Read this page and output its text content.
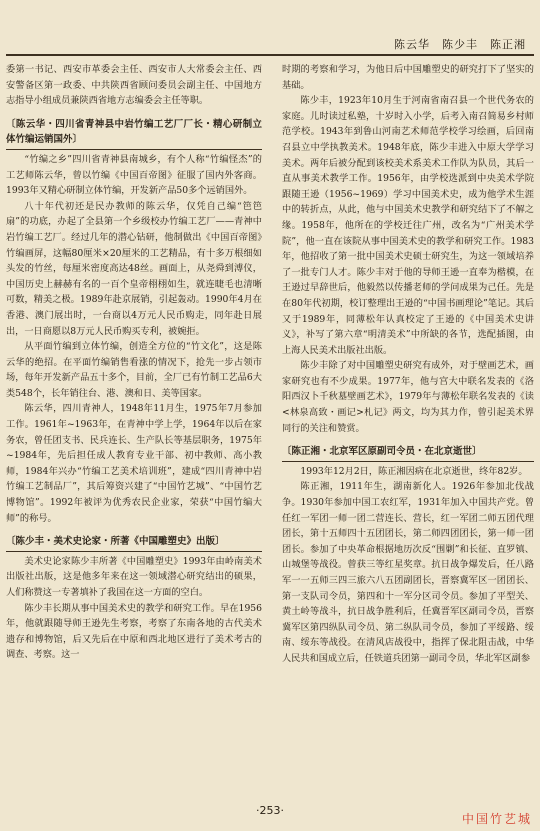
陈云华　陈少丰　陈正湘

委第一书记、西安市革委会主任、西安市人大常委会主任、西安警备区第一政委、中共陕西省顾问委员会副主任、中国地方志指导小组成员兼陕西省地方志编委会主任等职。

〔陈云华・四川省青神县中岩竹编工艺厂厂长・精心研制立体竹编运销国外〕

“竹编之乡”四川省青神县南城乡，有个人称“竹编怪杰”的工艺师陈云华，曾以竹编《中国百帝图》征服了国内外客商。1993年又精心研制立体竹编，开发新产品50多个远销国外。

八十年代初还是民办教师的陈云华，仅凭自己编“笆笆扇”的功底，办起了全县第一个乡级校办竹编工艺厂——青神中岩竹编工艺厂。经过几年的潜心钻研，他制做出《中国百帝图》竹编画屏，这幅80厘米×20厘米的工艺精品，有十多万根细如头发的竹丝，每厘米密度高达48丝。画面上，从尧舜到溥仪，中国历史上赫赫有名的一百个皇帝栩栩如生，就连睫毛也清晰可数，精美之极。1989年赴京展销，引起轰动。1990年4月在香港、澳门展出时，一台商以4万元人民币购走，同年赴日展出，一日商愿以8万元人民币购买专利，被婉拒。

从平面竹编到立体竹编，创造全方位的“竹文化”，这是陈云华的绝招。在平面竹编销售看涨的情况下，抢先一步占领市场，每年开发新产品五十多个，目前，全厂已有竹制工艺品6大类548个，长年销往台、港、澳和日、美等国家。

陈云华，四川青神人，1948年11月生，1975年7月参加工作。1961年~1963年，在青神中学上学，1964年以后在家务农，曾任团支书、民兵连长、生产队长等基层职务，1975年~1984年，先后担任成人教育专业干部、初中教师、高小教师，1984年兴办“竹编工艺美术培训班”，建成“四川青神中岩竹编工艺制品厂”，其后筹资兴建了“中国竹艺城”、“中国竹艺博物馆”。1992年被评为优秀农民企业家，荣获“中国竹编大师”的称号。

〔陈少丰・美术史论家・所著《中国雕塑史》出版〕

美术史论家陈少丰所著《中国雕塑史》1993年由岭南美术出版社出版，这是他多年来在这一领域潜心研究结出的硕果，人们称赞这一专著填补了我国在这一方面的空白。

陈少丰长期从事中国美术史的教学和研究工作。早在1956年，他就跟随导师王逊先生考察，考察了东南各地的古代美术遗存和博物馆，后又先后在中原和西北地区进行了美术考古的调查、考察。这一

时期的考察和学习，为他日后中国雕塑史的研究打下了坚实的基础。

陈少丰，1923年10月生于河南省南召县一个世代务农的家庭。儿时读过私塾，十岁时入小学，后考入南召简易乡村师范学校。1943年到鲁山河南艺术师范学校学习绘画，后回南召县立中学执教美术。1948年底，陈少丰进入中原大学学习美术。两年后被分配到该校美术系美术工作队为队员，其后一直从事美术教学工作。1956年，由学校选派到中央美术学院跟随王逊（1956~1969）学习中国美术史，成为他学术生涯中的转折点，从此，他与中国美术史教学和研究结下了不解之缘。1958年，他所在的学校迁往广州，改名为“广州美术学院”，他一直在该院从事中国美术史的教学和研究工作。1983年，他招收了第一批中国美术史硕士研究生，为这一领域培养了一批专门人才。陈少丰对于他的导师王逊一直奉为楷模，在王逊过早辞世后，他毅然以传播老师的学问成果为己任。先是在80年代初期，校订整理出王逊的“中国书画理论”笔记。其后又于1989年，同薄松年认真校定了王逊的《中国美术史讲义》，补写了第六章“明清美术”中所缺的各节，选配插图，由上海人民美术出版社出版。

陈少丰除了对中国雕塑史研究有成外，对于壁画艺术，画家研究也有不少成果。1977年，他与宫大中联名发表的《洛阳西汉卜千秋墓壁画艺术》，1979年与薄松年联名发表的《读<林泉高致・画记>札记》两文，均为其力作，曾引起美术界同行的关注和赞赏。

〔陈正湘・北京军区原副司令员・在北京逝世〕

1993年12月2日，陈正湘因病在北京逝世，终年82岁。

陈正湘，1911年生，湖南新化人。1926年参加北伐战争。1930年参加中国工农红军，1931年加入中国共产党。曾任红一军团一师一团二营连长、营长，红一军团二师五团代理团长，第十五师四十五团团长，第二师四团团长，第一师一团团长。参加了中央革命根据地历次反“围剿”和长征、直罗镇、山城堡等战役。曾获三等红星奖章。抗日战争爆发后，任八路军一一五师三四三旅六八五团副团长，晋察冀军区一团团长、第一支队司令员，第四和十一军分区司令员。参加了平型关、黄土岭等战斗，抗日战争胜利后，任冀晋军区副司令员，晋察冀军区第四纵队司令员、第二纵队司令员，参加了平绥路、绥南、绥东等战役。在清风店战役中，指挥了保北阻击战，中华人民共和国成立后，任铁道兵团第一副司令员，华北军区副参

·253·
中国竹艺城
